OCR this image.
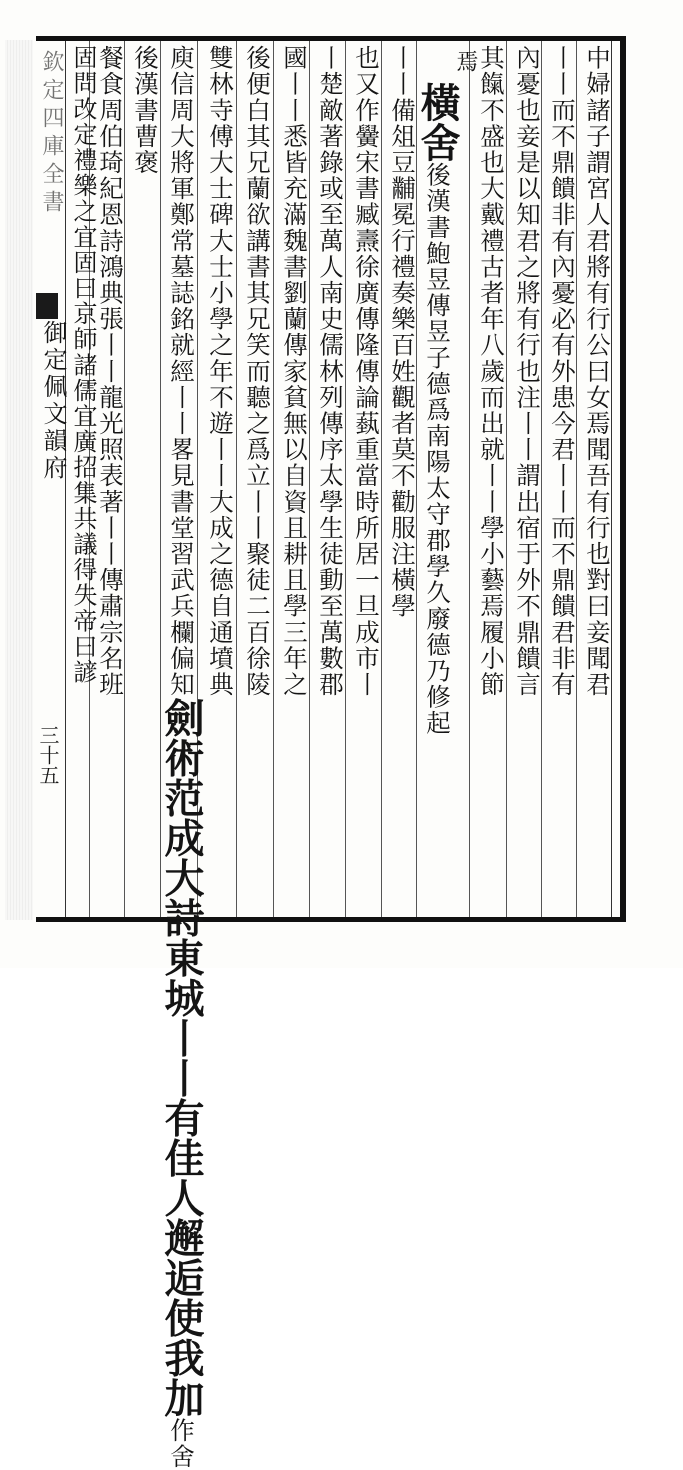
欽定四庫全書
御定佩文韻府
三十五
中婦諸子謂宮人君將有行公曰女焉聞吾有行也對曰妾聞君
丨丨而不鼎饋非有內憂必有外患今君丨丨而不鼎饋君非有
內憂也妾是以知君之將有行也注丨丨謂出宿于外不鼎饋言
其餼不盛也大戴禮古者年八歲而出就丨丨學小藝焉履小節
焉
橫舍後漢書鮑昱傳昱子德爲南陽太守郡學久廢德乃修起
丨丨備俎豆黼冕行禮奏樂百姓觀者莫不勸服注橫學
也又作黌宋書臧燾徐廣傳隆傳論蓺重當時所居一旦成市丨
丨楚敵著錄或至萬人南史儒林列傳序太學生徒動至萬數郡
國丨丨悉皆充滿魏書劉蘭傳家貧無以自資且耕且學三年之
後便白其兄蘭欲講書其兄笑而聽之爲立丨丨聚徒二百徐陵
雙林寺傅大士碑大士小學之年不遊丨丨大成之德自通墳典
庾信周大將軍鄭常墓誌銘就經丨丨畧見書堂習武兵欄偏知劍術范成大詩東城丨丨有佳人邂逅使我加作舍
後漢書曹褒
餐食周伯琦紀恩詩鴻典張丨丨龍光照表著丨丨傳肅宗名班
固問改定禮樂之宜固曰京師諸儒宜廣招集共議得失帝曰諺
